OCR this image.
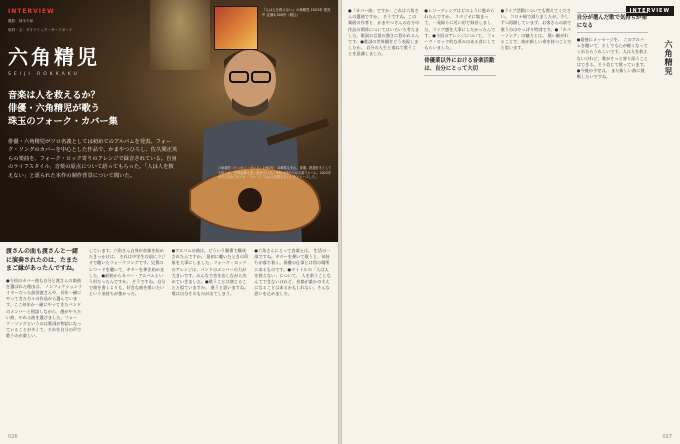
『人は人を救えない』六角精児 2021年 発売中 定価3,300円（税込）
INTERVIEW
撮影：神木千尋
取材・文：ダイナミック・サーフボーイ
六角精児
SEIJI ROKKAKU
音楽は人を救えるか？
俳優・六角精児が歌う
珠玉のフォーク・カバー集
俳優・六角精児がソロ名義としては初めてのアルバムを発表。フォーク・ソングのカバーを中心とした作品で、かまやつひろし、佐久間正英らの楽曲を、フォーク・ロック寄りのアレンジで録音されている。自身のライフスタイル、音楽の原点について語ってもらった。「人は人を救えない」と語られた本作の制作背景について聞いた。
六角精児（ろっかく・せいじ）1962年、兵庫県生まれ。俳優。鉄道好きとしても知られ、音楽活動も長く続けている。本作は初のソロ名義アルバム。2022年4月に初めてのソロ・アルバム『人は人を救えない』をリリースした。
渡さんの曲も渡さんと一緒に演奏されたのは、たまたまご縁があったんですね。
●今回のカバー曲も自分と渡さんの楽曲を選ばれた理由は。 ノンフィクションライターだった高田渡さんや、長年一緒にやってきた方々の作品から選んでいます。ここ何年か一緒にやってきたバンドのメンバーと相談しながら、僕がやりたい曲、やれる曲を選びました。フォーク・ソングというのは歌詞が物語になっていることが多くて、それを自分の声で歌うのが楽しい。
しています。六角さん自身が音楽を始めたきっかけは。 それは中学生の頃にラジオで聴いたフォークソングです。兄貴のレコードを聴いて、ギターを弾き始めました。●最初からカバー・アルバムという形だったんですか。 そうですね。自分で曲を書くよりも、好きな曲を歌いたいという気持ちが強かった。
●アルバムの曲は、どういう順番で構成されたんですか。 最初に聴いたときの印象を大事にしました。フォーク・ロックのアレンジは、バンドのメンバーの力が大きいです。みんなで音を出しながら決めていきました。●歌うことは演じることと似ていますか。 違うと思いますね。歌は自分そのものが出てしまう。
●六角さんにとって音楽とは。 生活の一部ですね。ギターを弾いて歌うと、気持ちが落ち着く。俳優の仕事とは別の場所にあるものです。●タイトルの「人は人を救えない」について。 人を救うことなんてできないけれど、音楽が誰かの支えになることはあるかもしれない。そんな思いを込めました。
026
INTERVIEW
六角精児
●「カバー曲」ですか、これは六角さんの選曲ですか。 そうですね。この楽曲の作者と、かまやつさんの自分の作品の関係についてはいろいろ考えました。歌詞の言葉の強さに惹かれるんです。●歌詞の世界観をどう表現しましたか。 自分の人生と重ねて歌うことを意識しました。
●レコーディングはどのように進められたんですか。 スタジオに集まって、一発録りに近い形で録音しました。ライブ感を大事にしたかったんです。●今回のアレンジについて。 フォーク・ロック的な厚みのある音にしてもらいました。
俳優業以外における音楽活動は、自分にとって大切
●ライブ活動についても教えてください。 コロナ禍で減りましたが、少しずつ再開しています。お客さんの前で歌うのはやっぱり特別です。●「カバーソング」の魅力とは。 歌い継がれることで、曲が新しい命を持つことだと思います。
自分が選んだ歌で気持ちが楽になる
●最後にメッセージを。 このアルバムを聴いて、少しでも心が軽くなってくれたらうれしいです。人は人を救えないけれど、歌がそっと寄り添うことはできる。そう信じて歌っています。●今後の予定は。 また新しい曲に挑戦したいですね。
027
